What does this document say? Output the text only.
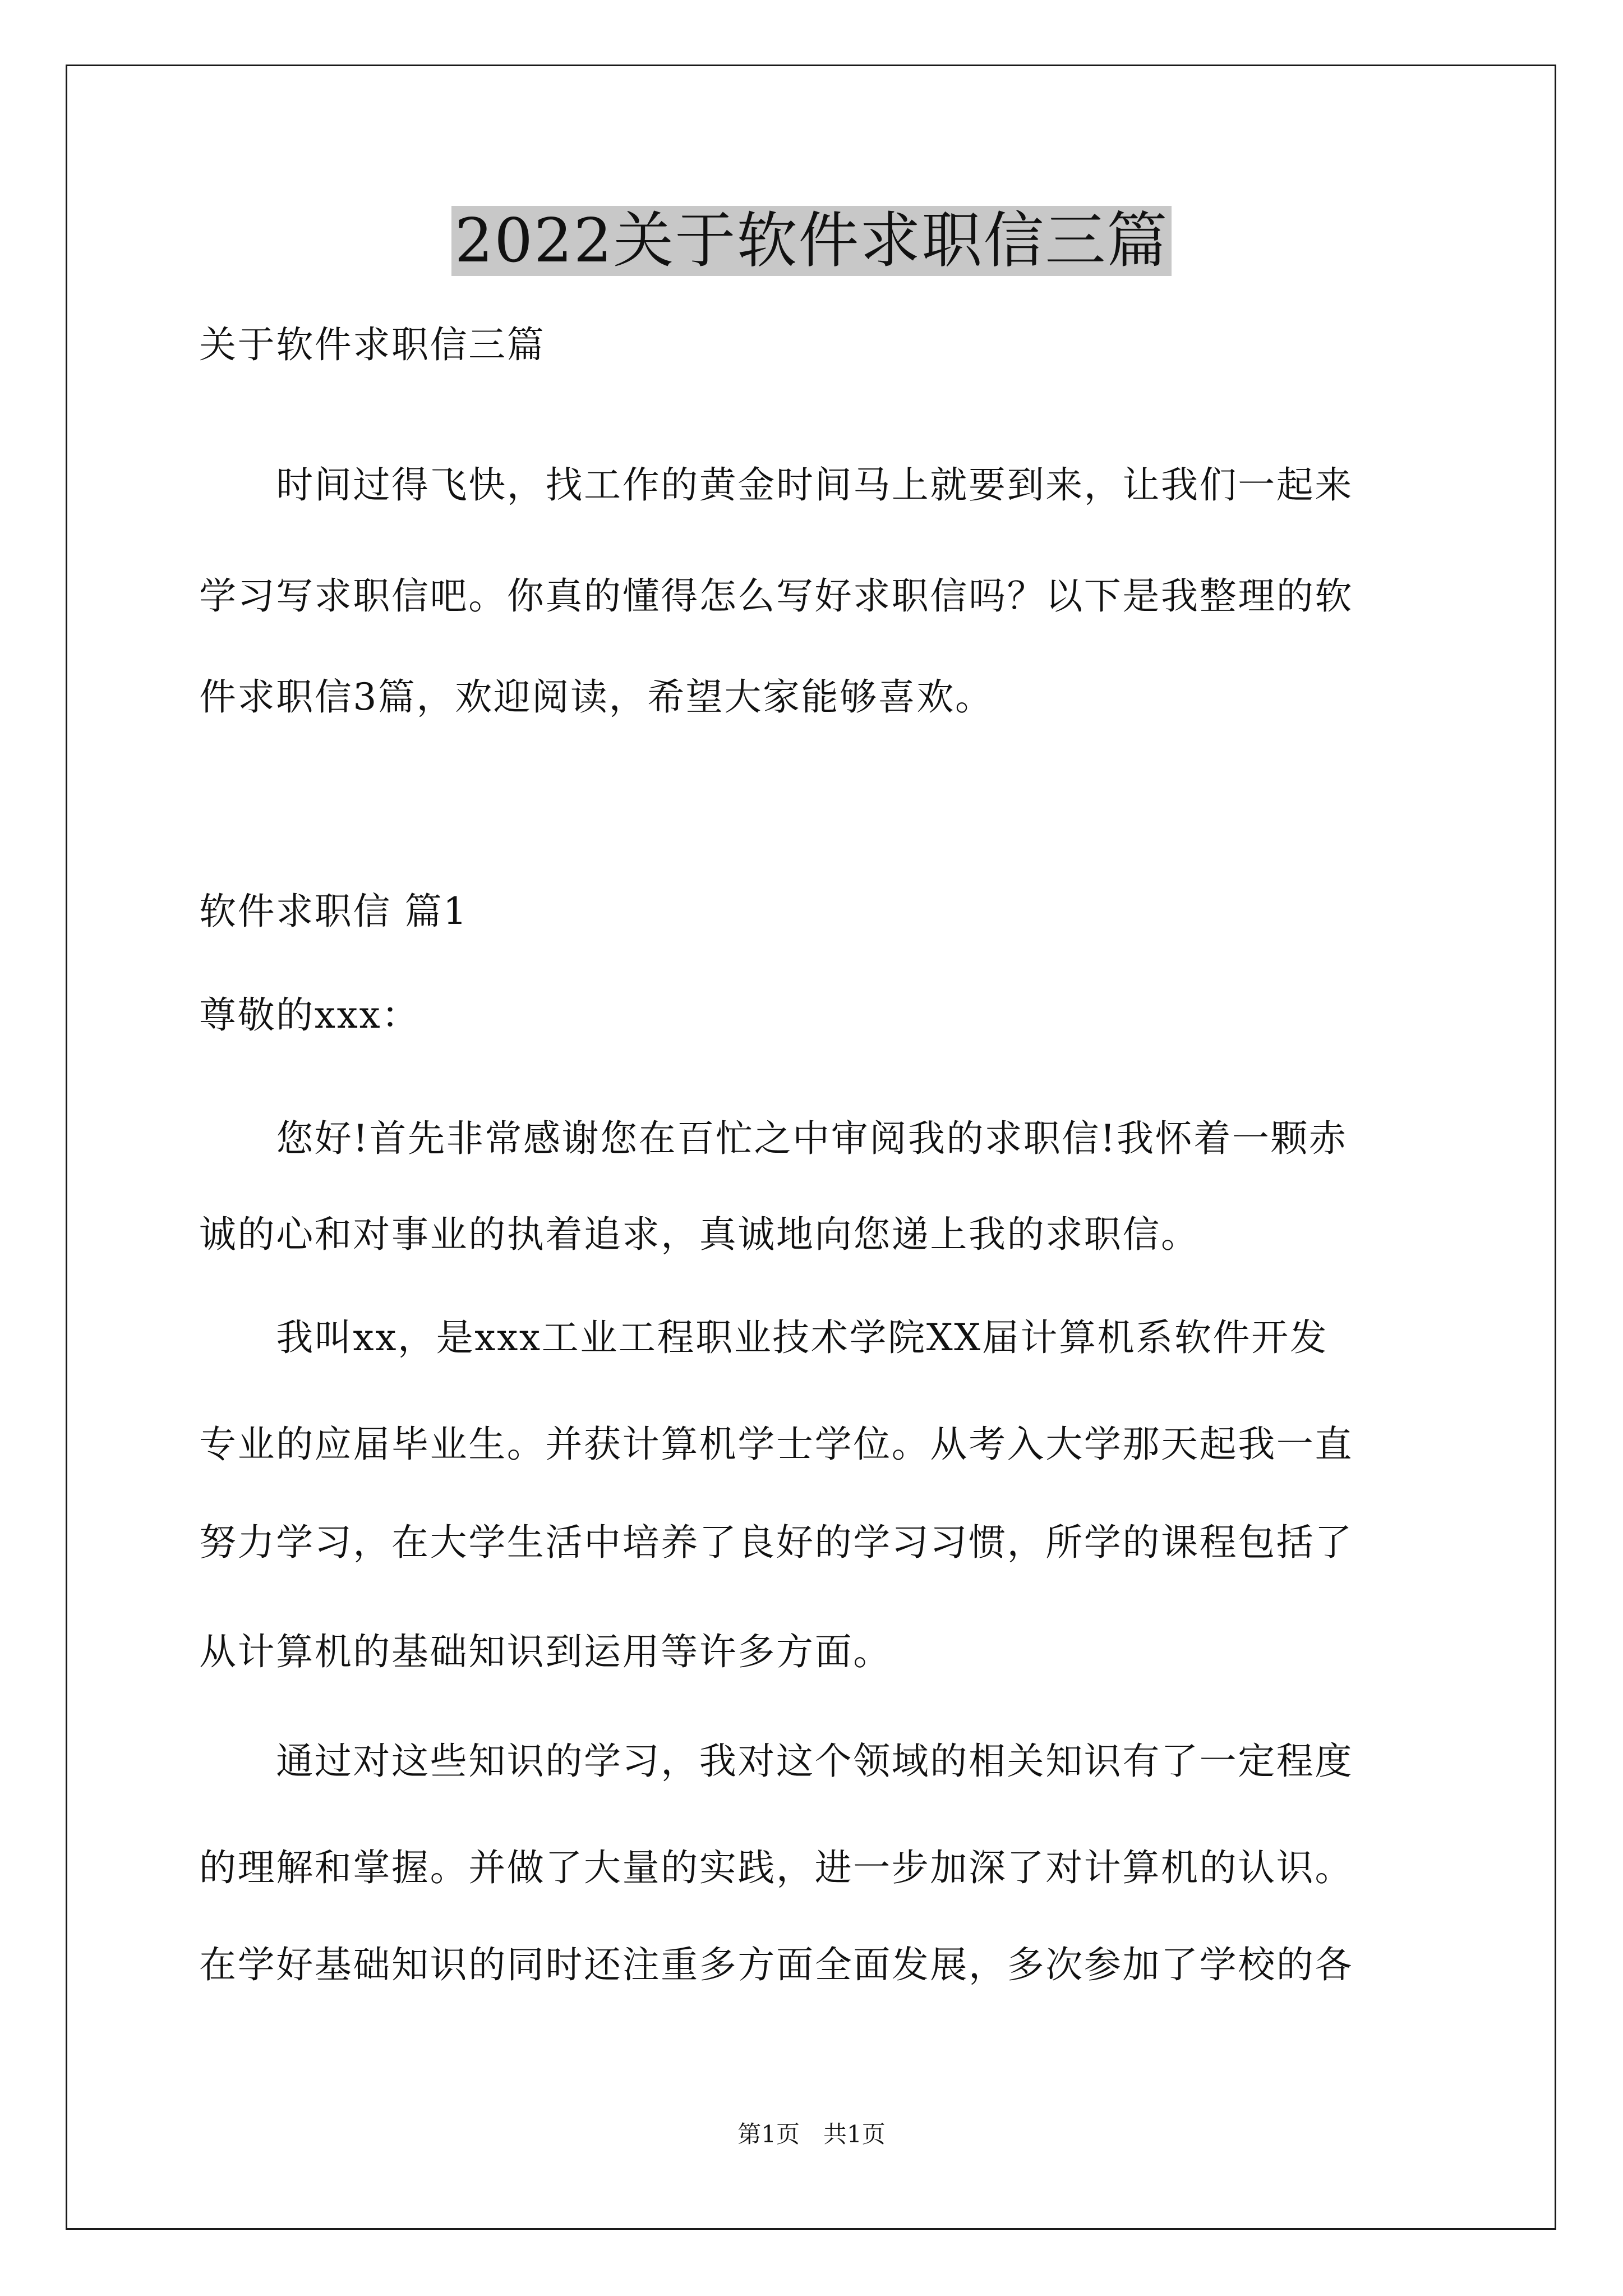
2022关于软件求职信三篇
关于软件求职信三篇
　　时间过得飞快，找工作的黄金时间马上就要到来，让我们一起来
学习写求职信吧。你真的懂得怎么写好求职信吗？以下是我整理的软
件求职信3篇，欢迎阅读，希望大家能够喜欢。
软件求职信 篇1
尊敬的xxx：
　　您好!首先非常感谢您在百忙之中审阅我的求职信!我怀着一颗赤
诚的心和对事业的执着追求，真诚地向您递上我的求职信。
　　我叫xx，是xxx工业工程职业技术学院XX届计算机系软件开发
专业的应届毕业生。并获计算机学士学位。从考入大学那天起我一直
努力学习，在大学生活中培养了良好的学习习惯，所学的课程包括了
从计算机的基础知识到运用等许多方面。
　　通过对这些知识的学习，我对这个领域的相关知识有了一定程度
的理解和掌握。并做了大量的实践，进一步加深了对计算机的认识。
在学好基础知识的同时还注重多方面全面发展，多次参加了学校的各
第1页　共1页
